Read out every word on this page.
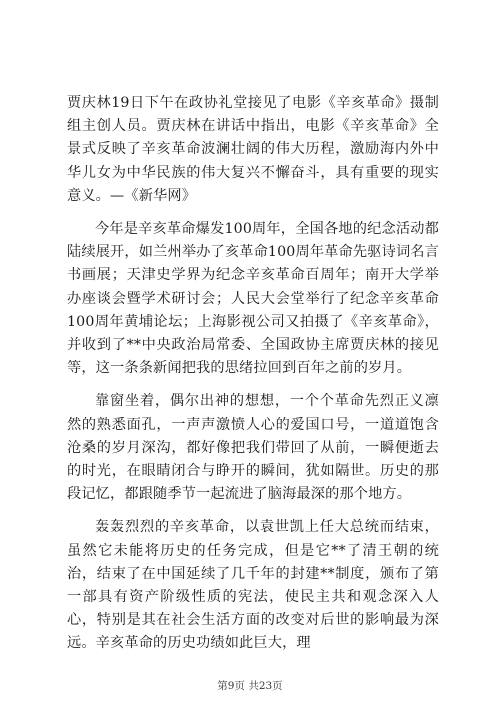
贾庆林19日下午在政协礼堂接见了电影《辛亥革命》摄制组主创人员。贾庆林在讲话中指出，电影《辛亥革命》全景式反映了辛亥革命波澜壮阔的伟大历程，激励海内外中华儿女为中华民族的伟大复兴不懈奋斗，具有重要的现实意义。—《新华网》

今年是辛亥革命爆发100周年，全国各地的纪念活动都陆续展开，如兰州举办了亥革命100周年革命先驱诗词名言书画展；天津史学界为纪念辛亥革命百周年；南开大学举办座谈会暨学术研讨会；人民大会堂举行了纪念辛亥革命100周年黄埔论坛；上海影视公司又拍摄了《辛亥革命》，并收到了**中央政治局常委、全国政协主席贾庆林的接见等，这一条条新闻把我的思绪拉回到百年之前的岁月。

靠窗坐着，偶尔出神的想想，一个个革命先烈正义凛然的熟悉面孔，一声声激愤人心的爱国口号，一道道饱含沧桑的岁月深沟，都好像把我们带回了从前，一瞬便逝去的时光，在眼睛闭合与睁开的瞬间，犹如隔世。历史的那段记忆，都跟随季节一起流进了脑海最深的那个地方。

轰轰烈烈的辛亥革命，以袁世凯上任大总统而结束，虽然它未能将历史的任务完成，但是它**了清王朝的统治，结束了在中国延续了几千年的封建**制度，颁布了第一部具有资产阶级性质的宪法，使民主共和观念深入人心，特别是其在社会生活方面的改变对后世的影响最为深远。辛亥革命的历史功绩如此巨大，理

第9页 共23页
